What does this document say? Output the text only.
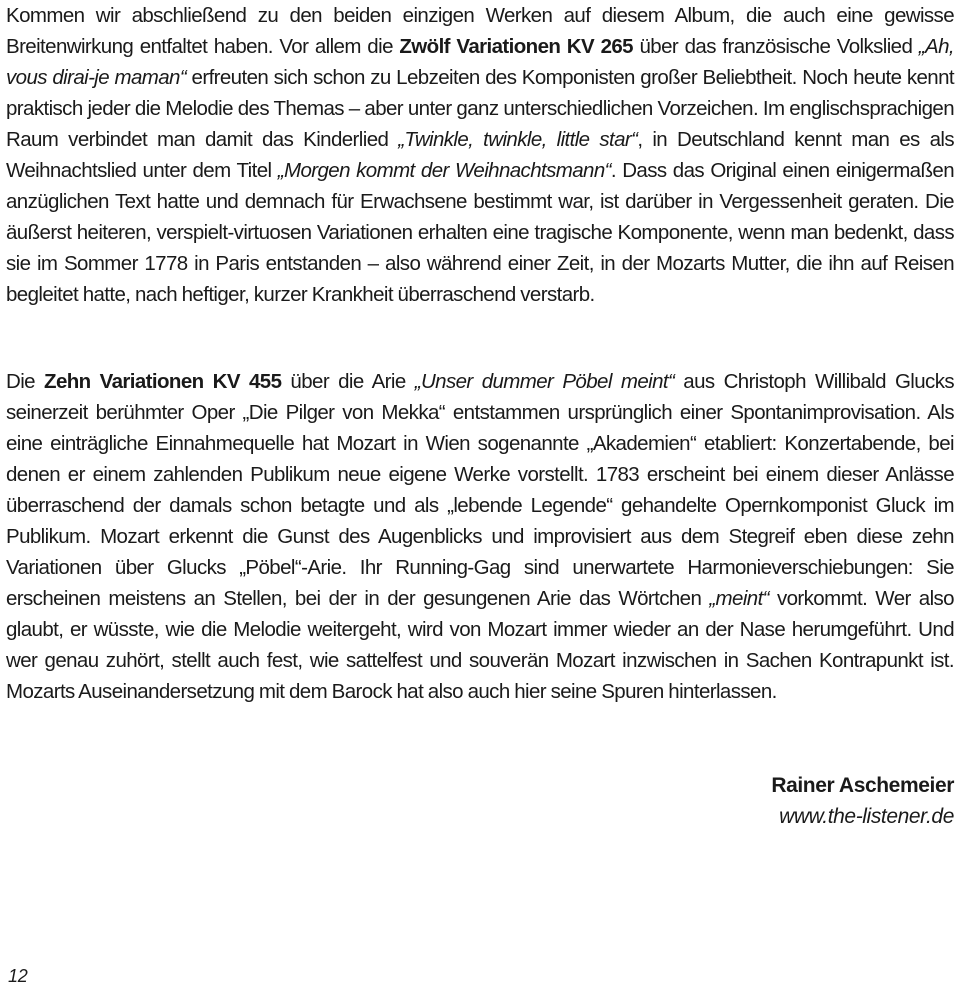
Kommen wir abschließend zu den beiden einzigen Werken auf diesem Album, die auch eine gewisse Breitenwirkung entfaltet haben. Vor allem die Zwölf Variationen KV 265 über das französische Volkslied „Ah, vous dirai-je maman“ erfreuten sich schon zu Lebzeiten des Komponisten großer Beliebtheit. Noch heute kennt praktisch jeder die Melodie des Themas – aber unter ganz unterschiedlichen Vorzeichen. Im englischsprachigen Raum verbindet man damit das Kinderlied „Twinkle, twinkle, little star“, in Deutschland kennt man es als Weihnachtslied unter dem Titel „Morgen kommt der Weihnachtsmann“. Dass das Original einen einigermaßen anzüglichen Text hatte und demnach für Erwachsene bestimmt war, ist darüber in Vergessenheit geraten. Die äußerst heiteren, verspielt-virtuosen Variationen erhalten eine tragische Komponente, wenn man bedenkt, dass sie im Sommer 1778 in Paris entstanden – also während einer Zeit, in der Mozarts Mutter, die ihn auf Reisen begleitet hatte, nach heftiger, kurzer Krankheit überraschend verstarb.

Die Zehn Variationen KV 455 über die Arie „Unser dummer Pöbel meint“ aus Christoph Willibald Glucks seinerzeit berühmter Oper „Die Pilger von Mekka“ entstammen ursprünglich einer Spontanimprovisation. Als eine einträgliche Einnahmequelle hat Mozart in Wien sogenannte „Akademien“ etabliert: Konzertabende, bei denen er einem zahlenden Publikum neue eigene Werke vorstellt. 1783 erscheint bei einem dieser Anlässe überraschend der damals schon betagte und als „lebende Legende“ gehandelte Opernkomponist Gluck im Publikum. Mozart erkennt die Gunst des Augenblicks und improvisiert aus dem Stegreif eben diese zehn Variationen über Glucks „Pöbel“-Arie. Ihr Running-Gag sind unerwartete Harmonieverschiebungen: Sie erscheinen meistens an Stellen, bei der in der gesungenen Arie das Wörtchen „meint“ vorkommt. Wer also glaubt, er wüsste, wie die Melodie weitergeht, wird von Mozart immer wieder an der Nase herumgeführt. Und wer genau zuhört, stellt auch fest, wie sattelfest und souverän Mozart inzwischen in Sachen Kontrapunkt ist. Mozarts Auseinandersetzung mit dem Barock hat also auch hier seine Spuren hinterlassen.

Rainer Aschemeier
www.the-listener.de
12
